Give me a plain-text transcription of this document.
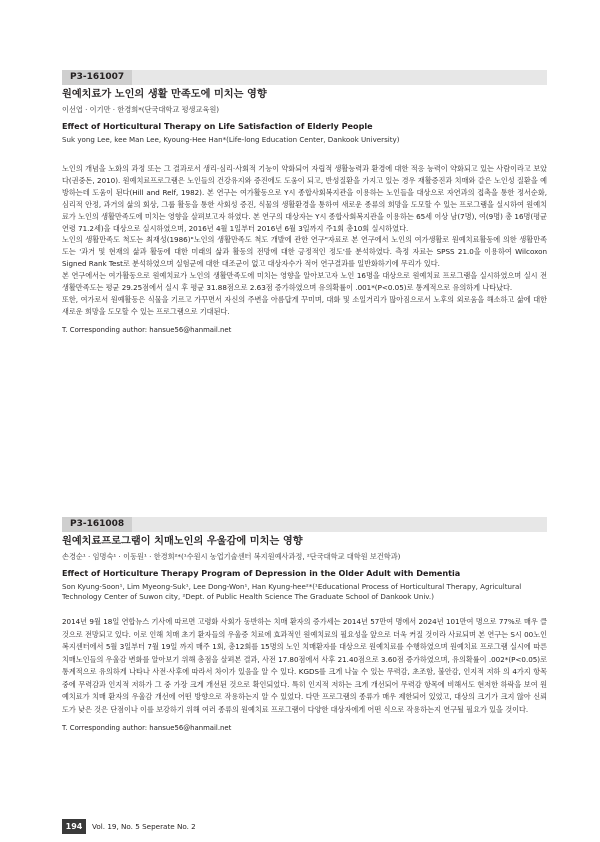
P3-161007
원예치료가 노인의 생활 만족도에 미치는 영향
이선엽 · 이기만 · 한경희*(단국대학교 평생교육원)
Effect of Horticultural Therapy on Life Satisfaction of Elderly People
Suk yong Lee, kee Man Lee, Kyoung-Hee Han*(Life-long Education Center, Dankook University)

노인의 개념을 노화의 과정 또는 그 결과로서 생리·심리·사회적 기능이 약화되어 자립적 생활능력과 환경에 대한 적응 능력이 약화되고 있는 사람이라고 보았다(권중돈, 2010). 원예치료프로그램은 노인들의 건강유지와 증진에도 도움이 되고, 반성질환을 가지고 있는 경우 재활증진과 치매와 같은 노인성 질환을 예방하는데 도움이 된다(Hill and Relf, 1982). 본 연구는 여가활동으로 Y시 종합사회복지관을 이용하는 노인들을 대상으로 자연과의 접촉을 통한 정서순화, 심리적 안정, 과거의 삶의 회상, 그룹 활동을 통한 사회성 증진, 식물의 생활환경을 통하여 새로운 종류의 희망을 도모할 수 있는 프로그램을 실시하여 원예치료가 노인의 생활만족도에 미치는 영향을 살펴보고자 하였다. 본 연구의 대상자는 Y시 종합사회복지관을 이용하는 65세 이상 남(7명), 여(9명) 총 16명(평균연령 71.2세)을 대상으로 실시하였으며, 2016년 4월 1일부터 2016년 6월 3일까지 주1회 총10회 실시하였다.

노인의 생활만족도 척도는 최재성(1986)"노인의 생활만족도 척도 개발에 관한 연구"자료로 본 연구에서 노인의 여가생활로 원예치료활동에 의한 생활만족도는 '과거 및 현재의 삶과 활동에 대한 미래의 삶과 활동의 전망에 대한 긍정적인 정도'를 분석하였다. 측정 자료는 SPSS 21.0을 이용하여 Wilcoxon Signed Rank Test로 분석하였으며 실험군에 대한 대조군이 없고 대상자수가 적어 연구결과를 일반화하기에 무리가 있다.

본 연구에서는 여가활동으로 원예치료가 노인의 생활만족도에 미치는 영향을 알아보고자 노인 16명을 대상으로 원예치료 프로그램을 실시하였으며 실시 전 생활만족도는 평균 29.25점에서 실시 후 평균 31.88점으로 2.63점 증가하였으며 유의확률이 .001*(P<0.05)로 통계적으로 유의하게 나타났다.

또한, 여가로서 원예활동은 식물을 기르고 가꾸면서 자신의 주변을 아름답게 꾸미며, 대화 및 소일거리가 많아짐으로서 노후의 외로움을 해소하고 삶에 대한 새로운 희망을 도모할 수 있는 프로그램으로 기대된다.

T. Corresponding author: hansue56@hanmail.net
P3-161008
원예치료프로그램이 치매노인의 우울감에 미치는 영향
손경순¹ · 임명숙¹ · 이동원¹ · 한경희²*(¹수원시 농업기술센터 복지원예사과정, ²단국대학교 대학원 보건학과)
Effect of Horticulture Therapy Program of Depression in the Older Adult with Dementia
Son Kyung-Soon¹, Lim Myeong-Suk¹, Lee Dong-Won¹, Han Kyung-hee²*(¹Educational Process of Horticultural Therapy, Agricultural Technology Center of Suwon city, ²Dept. of Public Health Science The Graduate School of Dankook Univ.)

2014년 9월 18일 연합뉴스 기사에 따르면 고령화 사회가 동반하는 치매 환자의 증가세는 2014년 57만여 명에서 2024년 101만여 명으로 77%로 매우 클 것으로 전망되고 있다. 이로 인해 치매 초기 환자들의 우울증 치료에 효과적인 원예치료의 필요성을 앞으로 더욱 커질 것이라 사료되며 본 연구는 S시 00노인복지센터에서 5월 3일부터 7월 19일 까지 매주 1회, 총12회를 15명의 노인 치매환자를 대상으로 원예치료를 수행하였으며 원예치료 프로그램 실시에 따른 치매노인들의 우울감 변화를 알아보기 위해 총점을 살펴본 결과, 사전 17.80점에서 사후 21.40점으로 3.60점 증가하였으며, 유의확률이 .002*(P<0.05)로 통계적으로 유의하게 나타나 사전·사후에 따라서 차이가 있음을 알 수 있다. KGDS를 크게 나눌 수 있는 무력감, 초조함, 불안감, 인지적 저하 의 4가지 항목 중에 무력감과 인지적 저하가 그 중 가장 크게 개선된 것으로 확인되었다. 특히 인지적 저하는 크게 개선되어 무력감 항목에 비해서도 현저한 하락을 보여 원예치료가 치매 환자의 우울감 개선에 어떤 방향으로 작용하는지 알 수 있었다. 다만 프로그램의 종류가 매우 제한되어 있었고, 대상의 크기가 크지 않아 신뢰도가 낮은 것은 단점이나 이를 보강하기 위해 여러 종류의 원예치료 프로그램이 다양한 대상자에게 어떤 식으로 작용하는지 연구될 필요가 있을 것이다.

T. Corresponding author: hansue56@hanmail.net
194	Vol. 19, No. 5 Seperate No. 2
